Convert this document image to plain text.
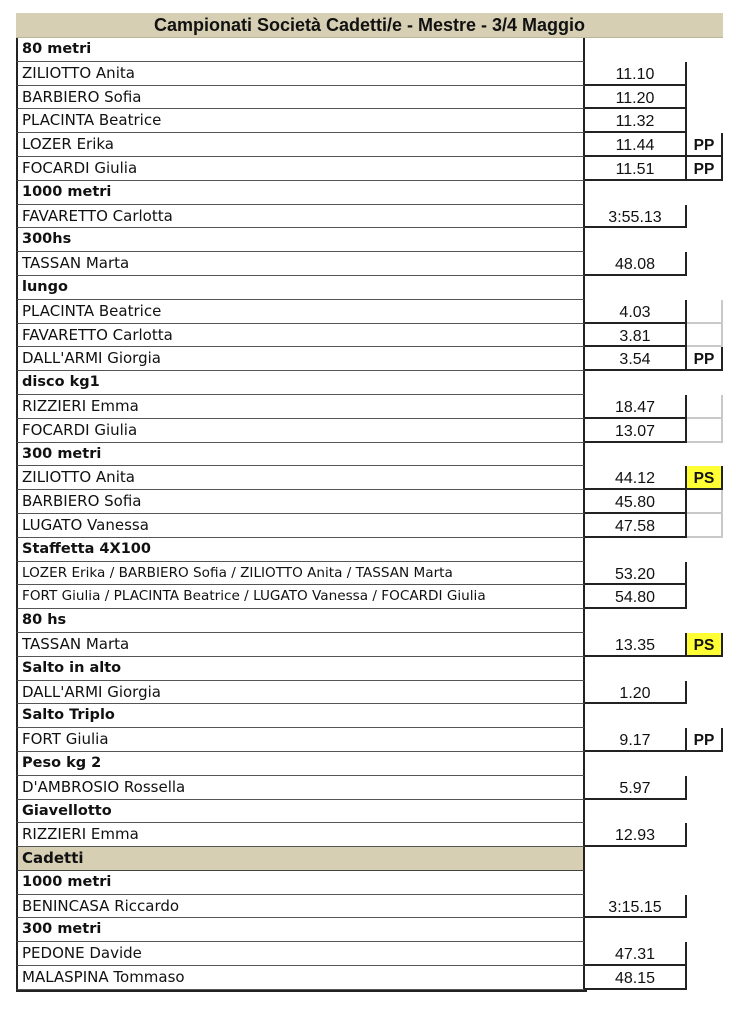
Campionati Società Cadetti/e - Mestre - 3/4 Maggio
80 metri
ZILIOTTO Anita	11.10
BARBIERO Sofia	11.20
PLACINTA Beatrice	11.32
LOZER Erika	11.44	PP
FOCARDI Giulia	11.51	PP
1000 metri
FAVARETTO Carlotta	3:55.13
300hs
TASSAN Marta	48.08
lungo
PLACINTA Beatrice	4.03
FAVARETTO Carlotta	3.81
DALL'ARMI Giorgia	3.54	PP
disco kg1
RIZZIERI Emma	18.47
FOCARDI Giulia	13.07
300 metri
ZILIOTTO Anita	44.12	PS
BARBIERO Sofia	45.80
LUGATO Vanessa	47.58
Staffetta 4X100
LOZER Erika / BARBIERO Sofia / ZILIOTTO Anita / TASSAN Marta	53.20
FORT Giulia / PLACINTA Beatrice / LUGATO Vanessa / FOCARDI Giulia	54.80
80 hs
TASSAN Marta	13.35	PS
Salto in alto
DALL'ARMI Giorgia	1.20
Salto Triplo
FORT Giulia	9.17	PP
Peso kg 2
D'AMBROSIO Rossella	5.97
Giavellotto
RIZZIERI Emma	12.93
Cadetti
1000 metri
BENINCASA Riccardo	3:15.15
300 metri
PEDONE Davide	47.31
MALASPINA Tommaso	48.15
